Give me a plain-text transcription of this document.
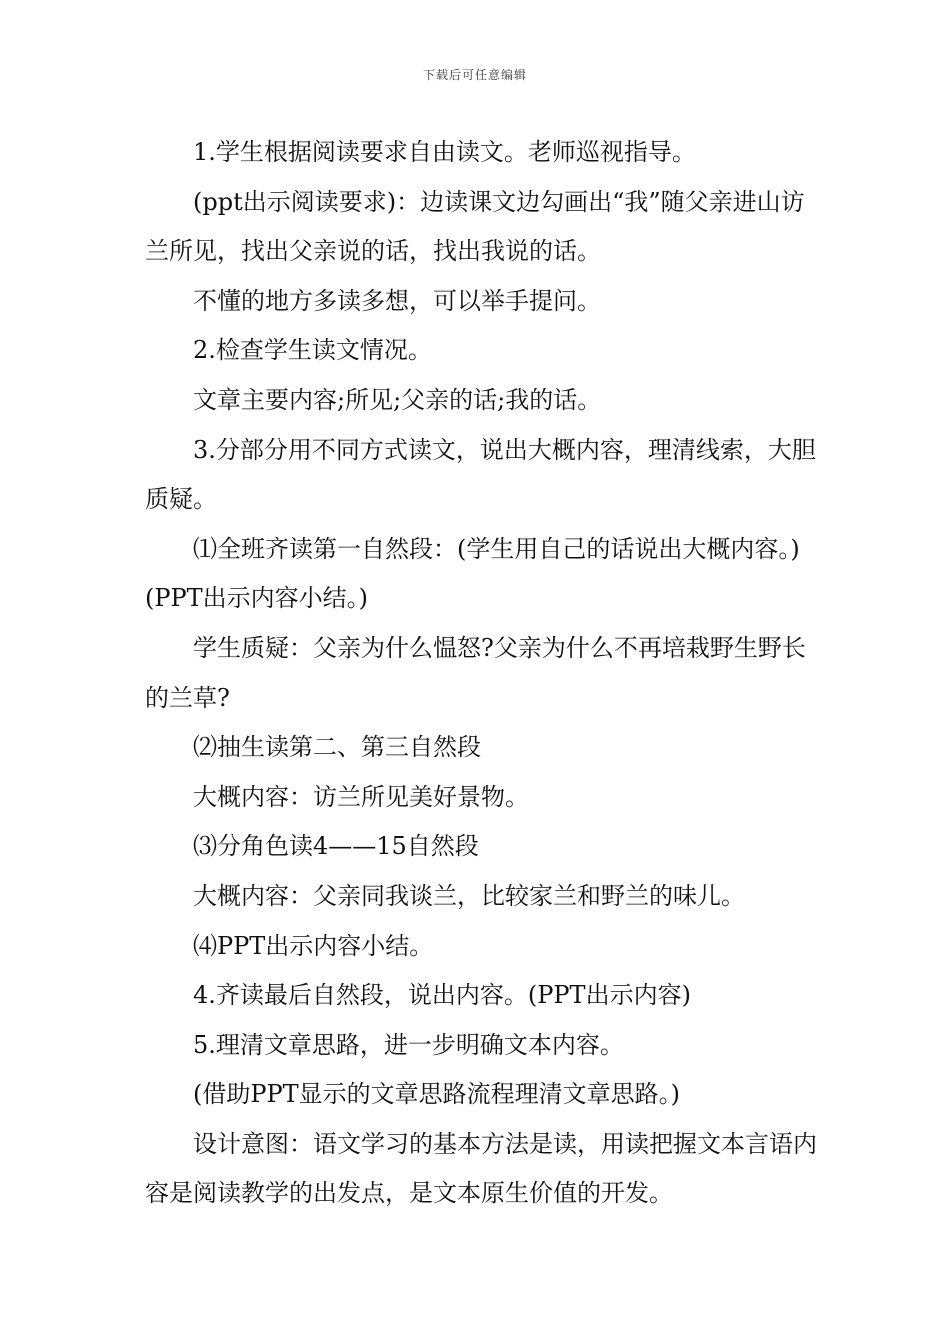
下载后可任意编辑

1.学生根据阅读要求自由读文。老师巡视指导。

(ppt出示阅读要求)：边读课文边勾画出“我”随父亲进山访兰所见，找出父亲说的话，找出我说的话。

不懂的地方多读多想，可以举手提问。

2.检查学生读文情况。

文章主要内容;所见;父亲的话;我的话。

3.分部分用不同方式读文，说出大概内容，理清线索，大胆质疑。

⑴全班齐读第一自然段：(学生用自己的话说出大概内容。)(PPT出示内容小结。)

学生质疑：父亲为什么愠怒?父亲为什么不再培栽野生野长的兰草?

⑵抽生读第二、第三自然段

大概内容：访兰所见美好景物。

⑶分角色读4——15自然段

大概内容：父亲同我谈兰，比较家兰和野兰的味儿。

⑷PPT出示内容小结。

4.齐读最后自然段，说出内容。(PPT出示内容)

5.理清文章思路，进一步明确文本内容。

(借助PPT显示的文章思路流程理清文章思路。)

设计意图：语文学习的基本方法是读，用读把握文本言语内容是阅读教学的出发点，是文本原生价值的开发。
